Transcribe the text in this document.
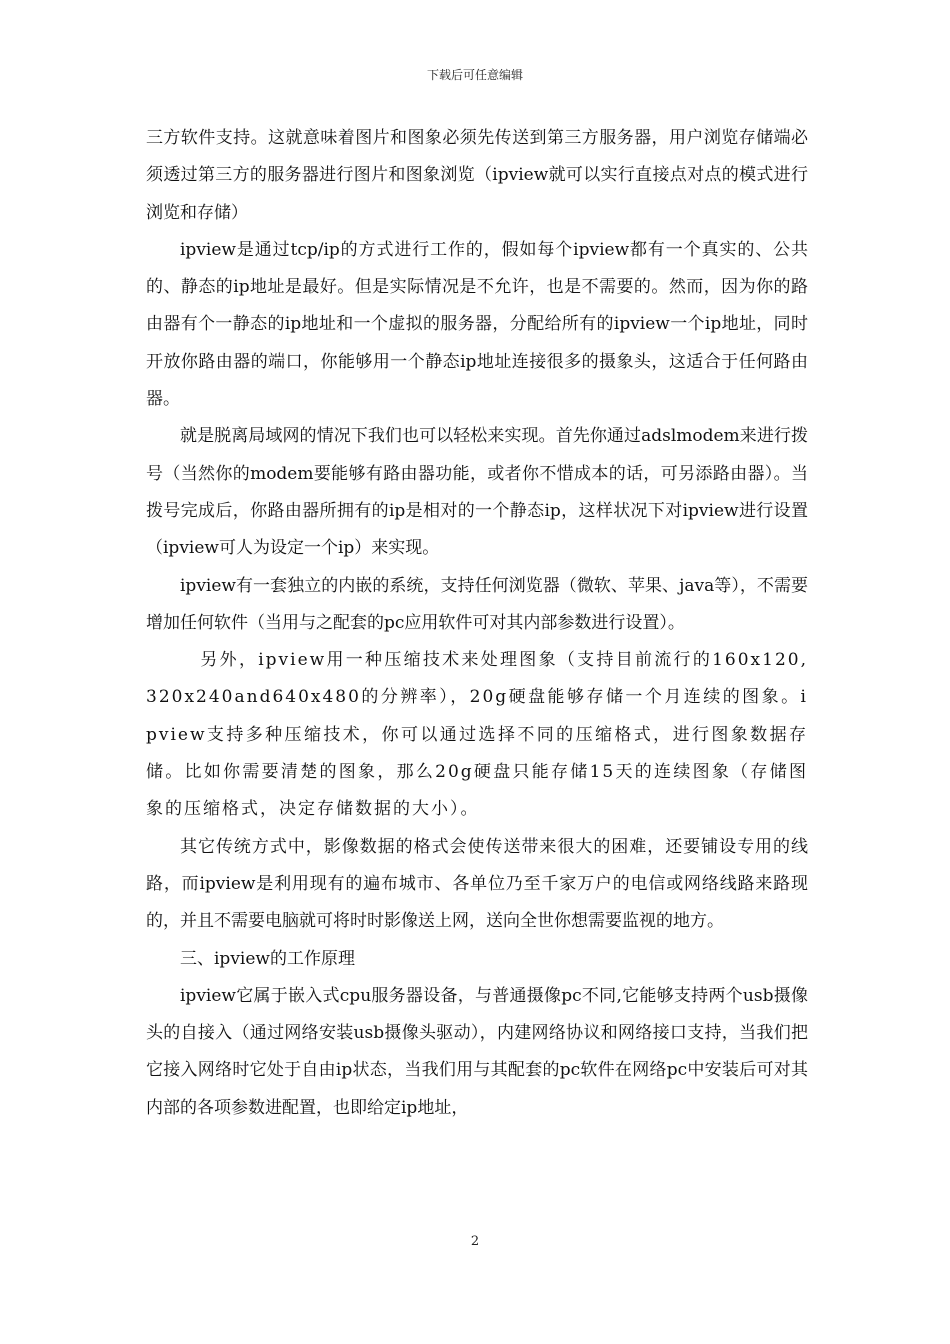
下载后可任意编辑

三方软件支持。这就意味着图片和图象必须先传送到第三方服务器，用户浏览存储端必须透过第三方的服务器进行图片和图象浏览（ipview就可以实行直接点对点的模式进行浏览和存储）

ipview是通过tcp/ip的方式进行工作的，假如每个ipview都有一个真实的、公共的、静态的ip地址是最好。但是实际情况是不允许，也是不需要的。然而，因为你的路由器有个一静态的ip地址和一个虚拟的服务器，分配给所有的ipview一个ip地址，同时开放你路由器的端口，你能够用一个静态ip地址连接很多的摄象头，这适合于任何路由器。

就是脱离局域网的情况下我们也可以轻松来实现。首先你通过adslmodem来进行拨号（当然你的modem要能够有路由器功能，或者你不惜成本的话，可另添路由器）。当拨号完成后，你路由器所拥有的ip是相对的一个静态ip，这样状况下对ipview进行设置（ipview可人为设定一个ip）来实现。

ipview有一套独立的内嵌的系统，支持任何浏览器（微软、苹果、java等），不需要增加任何软件（当用与之配套的pc应用软件可对其内部参数进行设置）。

另外，ipview用一种压缩技术来处理图象（支持目前流行的160x120,320x240and640x480的分辨率），20g硬盘能够存储一个月连续的图象。ipview支持多种压缩技术，你可以通过选择不同的压缩格式，进行图象数据存储。比如你需要清楚的图象，那么20g硬盘只能存储15天的连续图象（存储图象的压缩格式，决定存储数据的大小）。

其它传统方式中，影像数据的格式会使传送带来很大的困难，还要铺设专用的线路，而ipview是利用现有的遍布城市、各单位乃至千家万户的电信或网络线路来路现的，并且不需要电脑就可将时时影像送上网，送向全世你想需要监视的地方。

三、ipview的工作原理

ipview它属于嵌入式cpu服务器设备，与普通摄像pc不同,它能够支持两个usb摄像头的自接入（通过网络安装usb摄像头驱动），内建网络协议和网络接口支持，当我们把它接入网络时它处于自由ip状态，当我们用与其配套的pc软件在网络pc中安装后可对其内部的各项参数进配置，也即给定ip地址，

2
